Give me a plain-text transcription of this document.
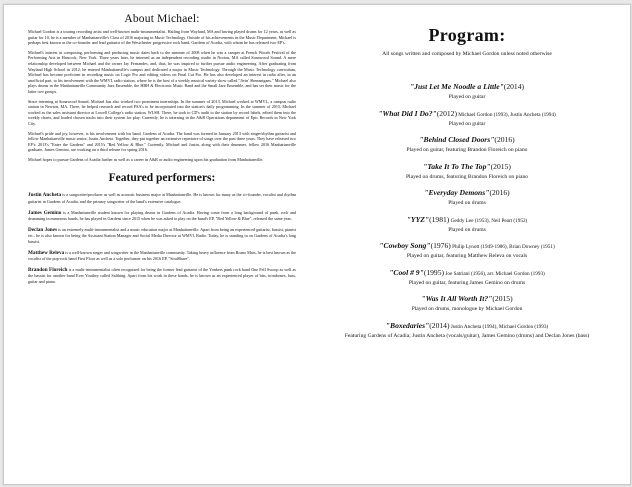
About Michael:

Michael Gordon is a touring recording artist and well-known multi-instrumentalist. Hailing from Wayland, MA and having played drums for 12 years, as well as guitar for 10, he is a member of Manhattanville's Class of 2016 majoring in Music Technology. Outside of his achievements in the Music Department, Michael is perhaps best known as the co-founder and lead guitarist of the Westchester progressive rock band, Gardens of Acadia, with whom he has released two EP's.

Michael's interest in composing, performing and producing music dates back to the summer of 2008 when he was a camper at French Woods Festival of the Performing Arts in Hancock, New York. Three years later, he interned as an independent recording studio in Norton, MA called Sonawood Sound. A mere relationship developed between Michael and the owner Jay Fernandes, and, thus, he was inspired to further pursue audio engineering. After graduating from Wayland High School in 2012, he entered Manhattanville's campus and dedicated a major in Music Technology. Through the Music Technology curriculum, Michael has become proficient in recording music on Logic Pro and editing videos on Final Cut Pro. He has also developed an interest in radio after, in an unofficial part, to his involvement with the WMVL radio station, where he is the host of a weekly musical variety show called "Jivin' Shenanigans." Michael also plays drums in the Manhattanville Community Jazz Ensemble, the HBH & Electronic Music Band and the Small Jazz Ensemble, and has set their music for the latter two groups.

Since interning at Sonawood Sound, Michael has also worked two prominent internships. In the summer of 2013, Michael worked at WMVL, a campus radio station in Newton, MA. There, he helped research and record PSA's to be incorporated into the station's daily programming. In the summer of 2015, Michael worked as the sales assistant director at Lowell College's radio station, WLSH. There, he took to CD's audit to the station by record labels, edited them into the weekly charts, and loaded chosen tracks into their system for play. Currently, he is interning in the A&R Operations department of Epic Records in New York City.

Michael's pride and joy, however, is his involvement with his band, Gardens of Acadia. The band was formed in January 2013 with singer/rhythm guitarist and fellow Manhattanville music senior, Justin Ancheta. Together, they put together an extensive repertoire of songs over the past three years. They have released two EP's: 2013's "Enter the Gardens" and 2015's "Red Yellow & Blue." Currently, Michael and Justin, along with their drummer, fellow 2016 Manhattanville graduate, James Gemino, are working on a third release for spring 2016.

Michael hopes to pursue Gardens of Acadia further as well as a career in A&R or audio engineering upon his graduation from Manhattanville.

Featured performers:

Justin Ancheta is a songwriter/producer as well as acoustic business major at Manhattanville. He is known for many as the co-founder, vocalist and rhythm guitarist in Gardens of Acadia, and the primary songwriter of the band's extensive catalogue.

James Gemino is a Manhattanville student known for playing drums in Gardens of Acadia. Having come from a long background of punk, rock and drumming in numerous bands, he has played in Gardens since 2015 when he was asked to play on the band's EP, "Red Yellow & Blue", released the same year.

Declan Jones is an extremely multi-instrumentalist and a music education major at Manhattanville. Apart from being an experienced guitarist, bassist, pianist etc., he is also known for being the Assistant Station Manager and Social Media Director at WMVL Radio. Today, he is standing in on Gardens of Acadia's long bassist.

Matthew Releva is a well-known singer and songwriter in the Manhattanville community. Taking heavy influence from Bruno Mars, he is best known as the vocalist of the pop-rock band First Floor as well as a solo performer on his 2016 EP, "SoulShare".

Brandon Floreich is a multi-instrumentalist often recognized for being the former lead guitarist of the Yonkers punk rock band One Fell Swoop as well as the bassist for another band Ever Youthey called Salthing. Apart from his work in these bands, he is known as an experienced player of bits, trombones, bass, guitar and piano.

Program:
All songs written and composed by Michael Gordon unless noted otherwise
"Just Let Me Noodle a Little"(2014)
Played on guitar
"What Did I Do?"(2012) Michael Gordon (1993), Justin Ancheta (1994)
Played on guitar
"Behind Closed Doors"(2016)
Played on guitar, featuring Brandon Floreich on piano
"Take It To The Top"(2015)
Played on drums, featuring Brandon Floreich on piano
"Everyday Demons"(2016)
Played on drums
"YYZ"(1981) Geddy Lee (1953), Neil Peart (1952)
Played on drums
"Cowboy Song"(1976) Philip Lynott (1949-1986), Brian Downey (1951)
Played on guitar, featuring Matthew Releva on vocals
"Cool # 9"(1995) Joe Satriani (1956), arr. Michael Gordon (1993)
Played on guitar, featuring James Gemino on drums
"Was It All Worth It?"(2015)
Played on drums, monologue by Michael Gordon
"Boxedaries"(2014) Justin Ancheta (1994), Michael Gordon (1993)
Featuring Gardens of Acadia; Justin Ancheta (vocals/guitar), James Gemino (drums) and Declan Jones (bass)
